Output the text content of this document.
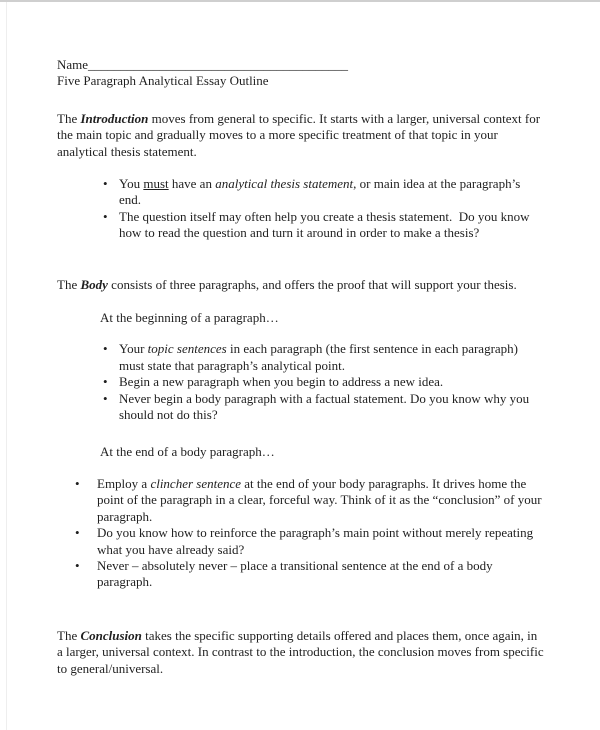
Name________________________________________

Five Paragraph Analytical Essay Outline

The Introduction moves from general to specific. It starts with a larger, universal context for the main topic and gradually moves to a more specific treatment of that topic in your analytical thesis statement.

• You must have an analytical thesis statement, or main idea at the paragraph’s end.
• The question itself may often help you create a thesis statement.  Do you know how to read the question and turn it around in order to make a thesis?

The Body consists of three paragraphs, and offers the proof that will support your thesis.

At the beginning of a paragraph…

• Your topic sentences in each paragraph (the first sentence in each paragraph) must state that paragraph’s analytical point.
• Begin a new paragraph when you begin to address a new idea.
• Never begin a body paragraph with a factual statement. Do you know why you should not do this?

At the end of a body paragraph…

•	Employ a clincher sentence at the end of your body paragraphs. It drives home the point of the paragraph in a clear, forceful way. Think of it as the “conclusion” of your paragraph.
•	Do you know how to reinforce the paragraph’s main point without merely repeating what you have already said?
•	Never – absolutely never – place a transitional sentence at the end of a body paragraph.

The Conclusion takes the specific supporting details offered and places them, once again, in a larger, universal context. In contrast to the introduction, the conclusion moves from specific to general/universal.
